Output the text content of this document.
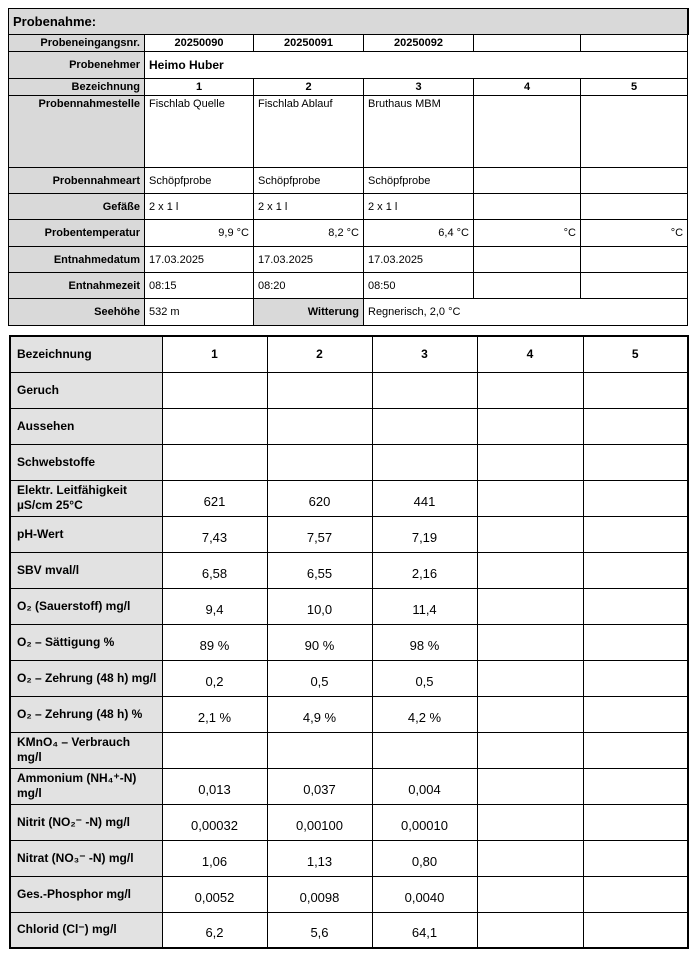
Probenahme:					
Probeneingangsnr.	20250090	20250091	20250092		
Probenehmer	Heimo Huber				
Bezeichnung	1	2	3	4	5
Probennahmestelle	Fischlab Quelle	Fischlab Ablauf	Bruthaus MBM		
Probennahmeart	Schöpfprobe	Schöpfprobe	Schöpfprobe		
Gefäße	2 x 1 l	2 x 1 l	2 x 1 l		
Probentemperatur	9,9 °C	8,2 °C	6,4 °C	°C	°C
Entnahmedatum	17.03.2025	17.03.2025	17.03.2025		
Entnahmezeit	08:15	08:20	08:50		
Seehöhe	532 m	Witterung	Regnerisch, 2,0 °C		
Bezeichnung	1	2	3	4	5
Geruch					
Aussehen					
Schwebstoffe					
Elektr. Leitfähigkeit µS/cm 25°C	621	620	441		
pH-Wert	7,43	7,57	7,19		
SBV mval/l	6,58	6,55	2,16		
O₂ (Sauerstoff) mg/l	9,4	10,0	11,4		
O₂ – Sättigung %	89 %	90 %	98 %		
O₂ – Zehrung (48 h) mg/l	0,2	0,5	0,5		
O₂ – Zehrung (48 h) %	2,1 %	4,9 %	4,2 %		
KMnO₄ – Verbrauch mg/l					
Ammonium (NH₄⁺-N) mg/l	0,013	0,037	0,004		
Nitrit (NO₂⁻ -N) mg/l	0,00032	0,00100	0,00010		
Nitrat (NO₃⁻ -N) mg/l	1,06	1,13	0,80		
Ges.-Phosphor mg/l	0,0052	0,0098	0,0040		
Chlorid (Cl⁻) mg/l	6,2	5,6	64,1		
